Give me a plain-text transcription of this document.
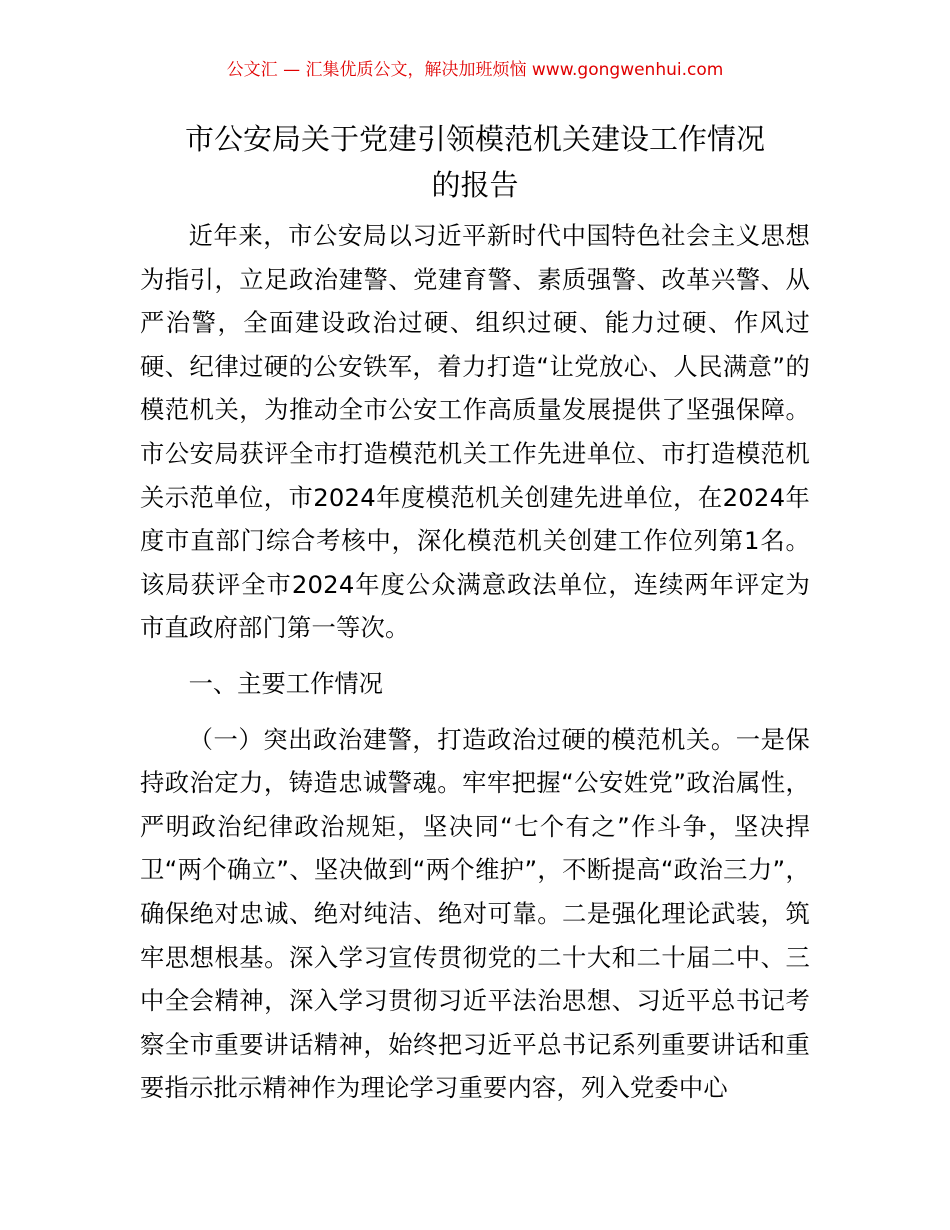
公文汇 — 汇集优质公文，解决加班烦恼 www.gongwenhui.com
市公安局关于党建引领模范机关建设工作情况
的报告

近年来，市公安局以习近平新时代中国特色社会主义思想为指引，立足政治建警、党建育警、素质强警、改革兴警、从严治警，全面建设政治过硬、组织过硬、能力过硬、作风过硬、纪律过硬的公安铁军，着力打造“让党放心、人民满意”的模范机关，为推动全市公安工作高质量发展提供了坚强保障。市公安局获评全市打造模范机关工作先进单位、市打造模范机关示范单位，市2024年度模范机关创建先进单位，在2024年度市直部门综合考核中，深化模范机关创建工作位列第1名。该局获评全市2024年度公众满意政法单位，连续两年评定为市直政府部门第一等次。

一、主要工作情况

（一）突出政治建警，打造政治过硬的模范机关。一是保持政治定力，铸造忠诚警魂。牢牢把握“公安姓党”政治属性，严明政治纪律政治规矩，坚决同“七个有之”作斗争，坚决捍卫“两个确立”、坚决做到“两个维护”，不断提高“政治三力”，确保绝对忠诚、绝对纯洁、绝对可靠。二是强化理论武装，筑牢思想根基。深入学习宣传贯彻党的二十大和二十届二中、三中全会精神，深入学习贯彻习近平法治思想、习近平总书记考察全市重要讲话精神，始终把习近平总书记系列重要讲话和重要指示批示精神作为理论学习重要内容，列入党委中心
